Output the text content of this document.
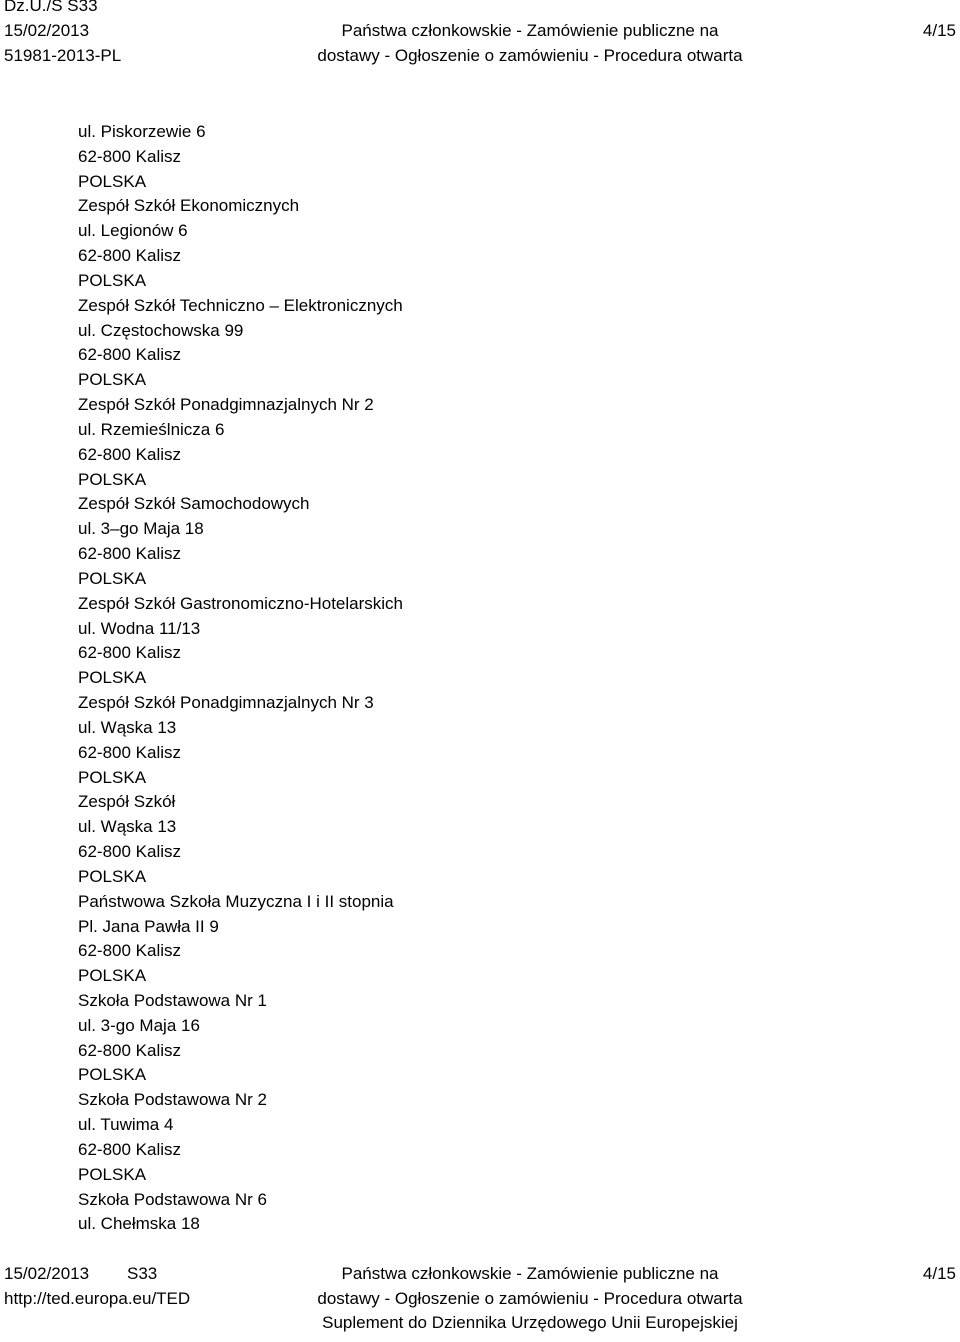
Dz.U./S S33
15/02/2013
51981-2013-PL
Państwa członkowskie - Zamówienie publiczne na
dostawy - Ogłoszenie o zamówieniu - Procedura otwarta
4/15
ul. Piskorzewie 6
62-800 Kalisz
POLSKA
Zespół Szkół Ekonomicznych
ul. Legionów 6
62-800 Kalisz
POLSKA
Zespół Szkół Techniczno – Elektronicznych
ul. Częstochowska 99
62-800 Kalisz
POLSKA
Zespół Szkół Ponadgimnazjalnych Nr 2
ul. Rzemieślnicza 6
62-800 Kalisz
POLSKA
Zespół Szkół Samochodowych
ul. 3–go Maja 18
62-800 Kalisz
POLSKA
Zespół Szkół Gastronomiczno-Hotelarskich
ul. Wodna 11/13
62-800 Kalisz
POLSKA
Zespół Szkół Ponadgimnazjalnych Nr 3
ul. Wąska 13
62-800 Kalisz
POLSKA
Zespół Szkół
ul. Wąska 13
62-800 Kalisz
POLSKA
Państwowa Szkoła Muzyczna I i II stopnia
Pl. Jana Pawła II 9
62-800 Kalisz
POLSKA
Szkoła Podstawowa Nr 1
ul. 3-go Maja 16
62-800 Kalisz
POLSKA
Szkoła Podstawowa Nr 2
ul. Tuwima 4
62-800 Kalisz
POLSKA
Szkoła Podstawowa Nr 6
ul. Chełmska 18
15/02/2013 S33
http://ted.europa.eu/TED
Państwa członkowskie - Zamówienie publiczne na
dostawy - Ogłoszenie o zamówieniu - Procedura otwarta
Suplement do Dziennika Urzędowego Unii Europejskiej
4/15
